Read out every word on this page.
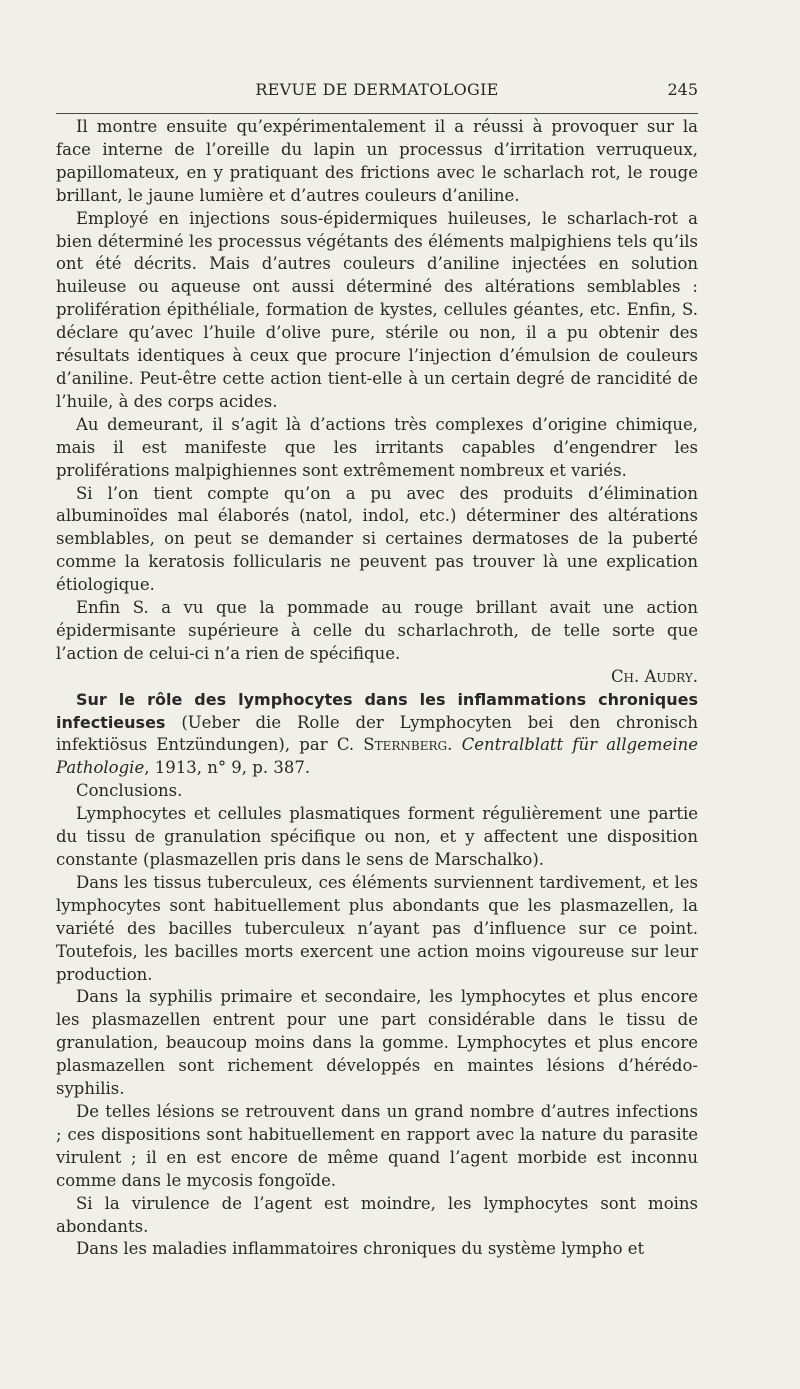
REVUE DE DERMATOLOGIE	245

Il montre ensuite qu’expérimentalement il a réussi à provoquer sur la face interne de l’oreille du lapin un processus d’irritation verruqueux, papillomateux, en y pratiquant des frictions avec le scharlach rot, le rouge brillant, le jaune lumière et d’autres couleurs d’aniline.

Employé en injections sous-épidermiques huileuses, le scharlach-rot a bien déterminé les processus végétants des éléments malpighiens tels qu’ils ont été décrits. Mais d’autres couleurs d’aniline injectées en solution huileuse ou aqueuse ont aussi déterminé des altérations semblables : prolifération épithéliale, formation de kystes, cellules géantes, etc. Enfin, S. déclare qu’avec l’huile d’olive pure, stérile ou non, il a pu obtenir des résultats identiques à ceux que procure l’injection d’émulsion de couleurs d’aniline. Peut-être cette action tient-elle à un certain degré de rancidité de l’huile, à des corps acides.

Au demeurant, il s’agit là d’actions très complexes d’origine chimique, mais il est manifeste que les irritants capables d’engendrer les proliférations malpighiennes sont extrêmement nombreux et variés.

Si l’on tient compte qu’on a pu avec des produits d’élimination albuminoïdes mal élaborés (natol, indol, etc.) déterminer des altérations semblables, on peut se demander si certaines dermatoses de la puberté comme la keratosis follicularis ne peuvent pas trouver là une explication étiologique.

Enfin S. a vu que la pommade au rouge brillant avait une action épidermisante supérieure à celle du scharlachroth, de telle sorte que l’action de celui-ci n’a rien de spécifique.
Ch. Audry.

Sur le rôle des lymphocytes dans les inflammations chroniques infectieuses (Ueber die Rolle der Lymphocyten bei den chronisch infektiösus Entzündungen), par C. Sternberg. Centralblatt für allgemeine Pathologie, 1913, n° 9, p. 387.

Conclusions.

Lymphocytes et cellules plasmatiques forment régulièrement une partie du tissu de granulation spécifique ou non, et y affectent une disposition constante (plasmazellen pris dans le sens de Marschalko).

Dans les tissus tuberculeux, ces éléments surviennent tardivement, et les lymphocytes sont habituellement plus abondants que les plasmazellen, la variété des bacilles tuberculeux n’ayant pas d’influence sur ce point. Toutefois, les bacilles morts exercent une action moins vigoureuse sur leur production.

Dans la syphilis primaire et secondaire, les lymphocytes et plus encore les plasmazellen entrent pour une part considérable dans le tissu de granulation, beaucoup moins dans la gomme. Lymphocytes et plus encore plasmazellen sont richement développés en maintes lésions d’hérédo-syphilis.

De telles lésions se retrouvent dans un grand nombre d’autres infections ; ces dispositions sont habituellement en rapport avec la nature du parasite virulent ; il en est encore de même quand l’agent morbide est inconnu comme dans le mycosis fongoïde.

Si la virulence de l’agent est moindre, les lymphocytes sont moins abondants.

Dans les maladies inflammatoires chroniques du système lympho et
